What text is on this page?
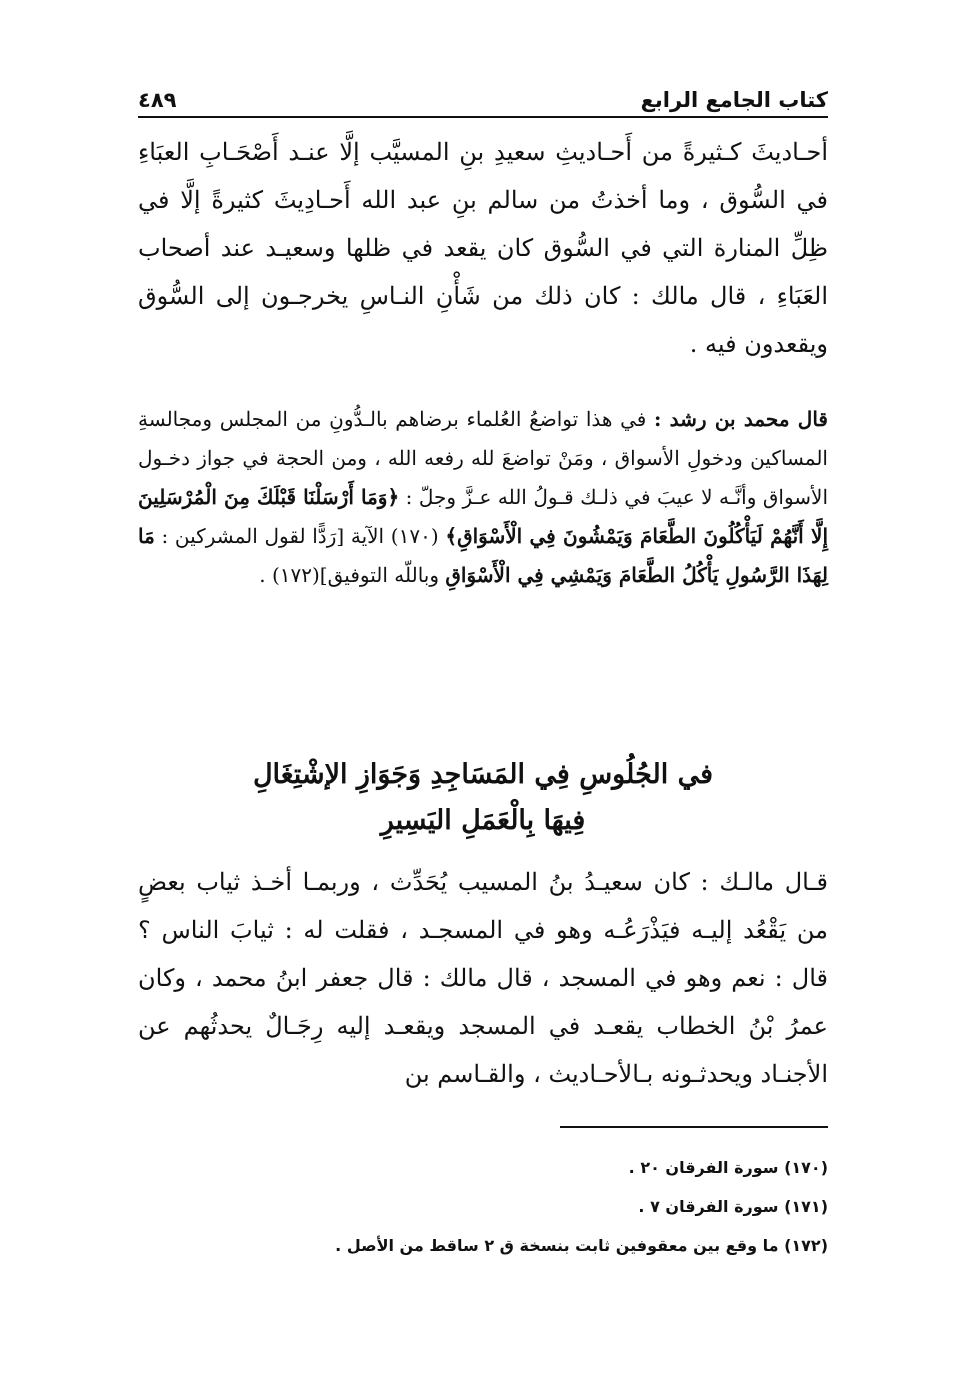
كتاب الجامع الرابع
٤٨٩
أحـاديثَ كـثيرةً من أَحـاديثِ سعيدِ بنِ المسيَّب إلَّا عنـد أَصْحَـابِ العبَاءِ في السُّوق ، وما أخذتُ من سالم بنِ عبد الله أَحـادِيثَ كثيرةً إلَّا في ظِلِّ المنارة التي في السُّوق كان يقعد في ظلها وسعيـد عند أصحاب العَبَاءِ ، قال مالك : كان ذلك من شَأْنِ النـاسِ يخرجـون إلى السُّوق ويقعدون فيه .
قال محمد بن رشد : في هذا تواضعُ العُلماء برضاهم بالـدُّونِ من المجلس ومجالسةِ المساكين ودخولِ الأسواق ، ومَنْ تواضعَ لله رفعه الله ، ومن الحجة في جواز دخـول الأسواق وأنَّـه لا عيبَ في ذلـك قـولُ الله عـزَّ وجلّ : ﴿وَمَا أَرْسَلْنَا قَبْلَكَ مِنَ الْمُرْسَلِينَ إِلَّا أَنَّهُمْ لَيَأْكُلُونَ الطَّعَامَ وَيَمْشُونَ فِي الْأَسْوَاقِ﴾ (١٧٠) الآية [رَدًّا لقول المشركين : مَا لِهَذَا الرَّسُولِ يَأْكُلُ الطَّعَامَ وَيَمْشِي فِي الْأَسْوَاقِ وباللّه التوفيق](١٧٢) .
في الجُلُوسِ فِي المَسَاجِدِ وَجَوَازِ الإشْتِغَالِ
فِيهَا بِالْعَمَلِ اليَسِيرِ
قـال مالـك : كان سعيـدُ بنُ المسيب يُحَدِّث ، وربمـا أخـذ ثياب بعضٍ من يَقْعُد إليـه فيَذْرَعُـه وهو في المسجـد ، فقلت له : ثيابَ الناس ؟ قال : نعم وهو في المسجد ، قال مالك : قال جعفر ابنُ محمد ، وكان عمرُ بْنُ الخطاب يقعـد في المسجد ويقعـد إليه رِجَـالٌ يحدثُهم عن الأجنـاد ويحدثـونه بـالأحـاديث ، والقـاسم بن
(١٧٠) سورة الفرقان ٢٠ .
(١٧١) سورة الفرقان ٧ .
(١٧٢) ما وقع بين معقوفين ثابت بنسخة ق ٢ ساقط من الأصل .
